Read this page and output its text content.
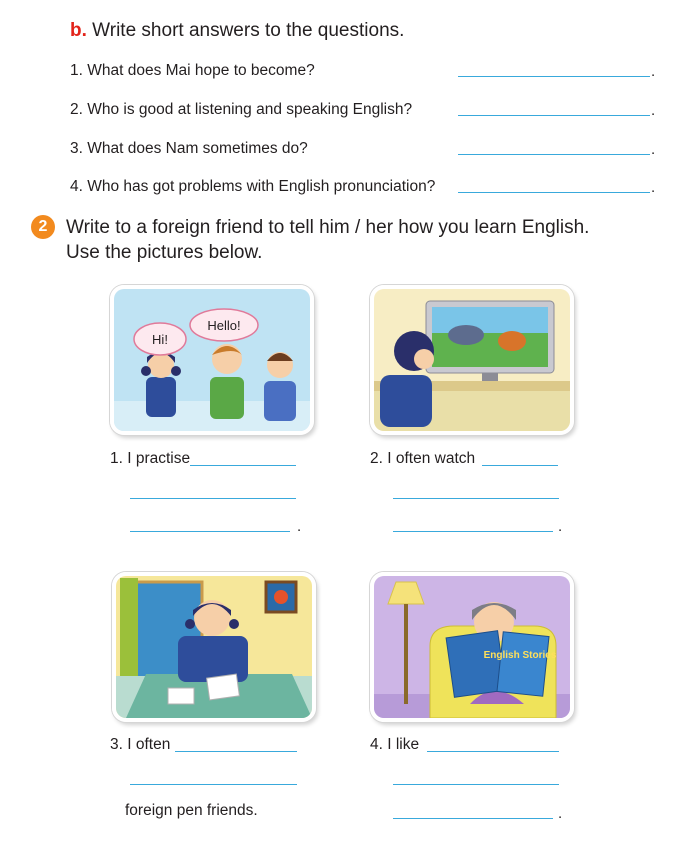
b. Write short answers to the questions.
1. What does Mai hope to become?	.
2. Who is good at listening and speaking English?	.
3. What does Nam sometimes do?	.
4. Who has got problems with English pronunciation?	.
2 Write to a foreign friend to tell him / her how you learn English.
Use the pictures below.
Hi!
Hello!
1. I practise
.
2. I often watch
.
English Stories
3. I often
foreign pen friends.
4. I like
.
